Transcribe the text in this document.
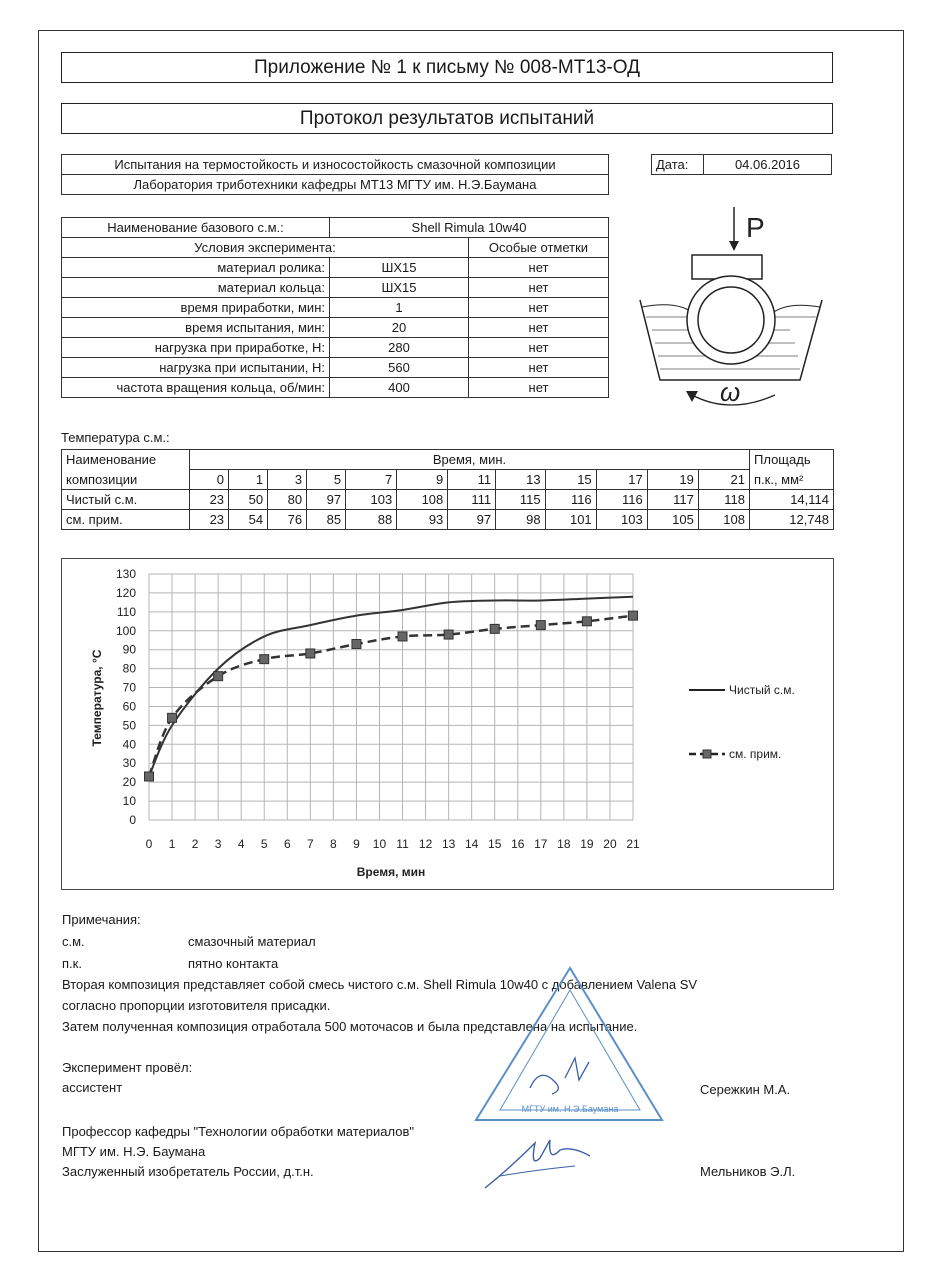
Приложение № 1 к письму № 008-МТ13-ОД
Протокол результатов испытаний
Испытания на термостойкость и износостойкость смазочной композиции
Лаборатория триботехники кафедры МТ13 МГТУ им. Н.Э.Баумана
Дата:	04.06.2016
Наименование базового с.м.:	Shell Rimula 10w40	
Условия эксперимента:		Особые отметки
материал ролика:	ШХ15	нет
материал кольца:	ШХ15	нет
время приработки, мин:	1	нет
время испытания, мин:	20	нет
нагрузка при приработке, Н:	280	нет
нагрузка при испытании, Н:	560	нет
частота вращения кольца, об/мин:	400	нет
P
ω
Температура с.м.:
Наименование	Время, мин.												Площадь
композиции	0	1	3	5	7	9	11	13	15	17	19	21	п.к., мм²
Чистый с.м.	23	50	80	97	103	108	111	115	116	116	117	118	14,114
см. прим.	23	54	76	85	88	93	97	98	101	103	105	108	12,748
0 1 2 3 4 5 6 7 8 9 10 11 12 13 14 15 16 17 18 19 20 21
0
10
20
30
40
50
60
70
80
90
100
110
120
130
Время, мин
Температура, °С	Чистый с.м.
см. прим.
Примечания:
с.м.	смазочный материал
п.к.	пятно контакта
Вторая композиция представляет собой смесь чистого с.м. Shell Rimula 10w40 с добавлением Valena SV
согласно пропорции изготовителя присадки.
Затем полученная композиция отработала 500 моточасов и была представлена на испытание.
Эксперимент провёл:
ассистент	Сережкин М.А.
Профессор кафедры "Технологии обработки материалов"
МГТУ им. Н.Э. Баумана
Заслуженный изобретатель России, д.т.н.	Мельников Э.Л.
МГТУ им. Н.Э.Баумана
